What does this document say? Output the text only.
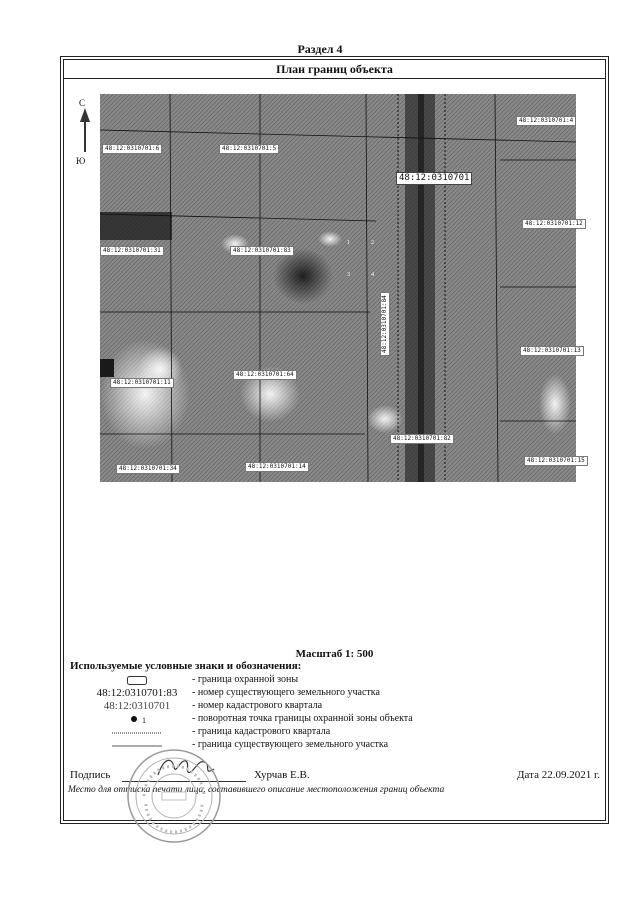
Раздел 4
План границ объекта
С
Ю
48:12:0310701:6	48:12:0310701:5
48:12:0310701:4
48:12:0310701:31	48:12:0310701:83
48:12:0310701:12
48:12:0310701:13
48:12:0310701:64
48:12:0310701:11
48:12:0310701:34	48:12:0310701:14
48:12:0310701:15
48:12:0310701:82
48:12:0310701:84
48:12:0310701
1	2
3	4
Масштаб 1: 500
Используемые условные знаки и обозначения:
- граница охранной зоны
48:12:0310701:83	- номер существующего земельного участка
48:12:0310701	- номер кадастрового квартала
1	- поворотная точка границы охранной зоны объекта
- граница кадастрового квартала
- граница существующего земельного участка
Подпись	Хурчав Е.В.	Дата 22.09.2021 г.
Место для оттиска печати лица, составившего описание местоположения границ объекта
